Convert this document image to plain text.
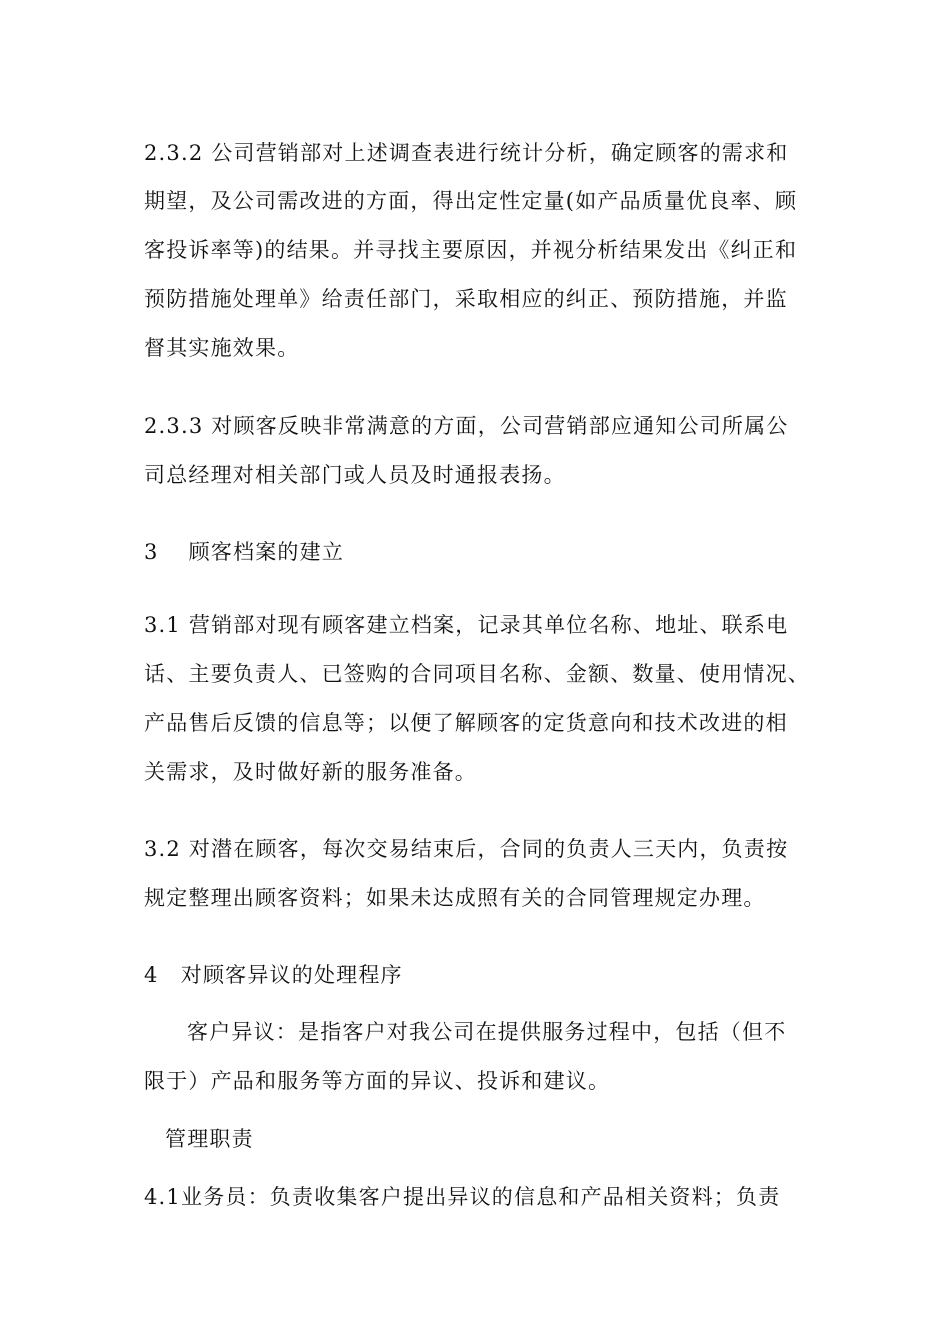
2.3.2 公司营销部对上述调查表进行统计分析，确定顾客的需求和
期望，及公司需改进的方面，得出定性定量(如产品质量优良率、顾
客投诉率等)的结果。并寻找主要原因，并视分析结果发出《纠正和
预防措施处理单》给责任部门，采取相应的纠正、预防措施，并监
督其实施效果。
2.3.3 对顾客反映非常满意的方面，公司营销部应通知公司所属公
司总经理对相关部门或人员及时通报表扬。
3　 顾客档案的建立
3.1 营销部对现有顾客建立档案，记录其单位名称、地址、联系电
话、主要负责人、已签购的合同项目名称、金额、数量、使用情况、
产品售后反馈的信息等；以便了解顾客的定货意向和技术改进的相
关需求，及时做好新的服务准备。
3.2 对潜在顾客，每次交易结束后，合同的负责人三天内，负责按
规定整理出顾客资料；如果未达成照有关的合同管理规定办理。
4　对顾客异议的处理程序
客户异议：是指客户对我公司在提供服务过程中，包括（但不
限于）产品和服务等方面的异议、投诉和建议。
管理职责
4.1业务员：负责收集客户提出异议的信息和产品相关资料；负责
